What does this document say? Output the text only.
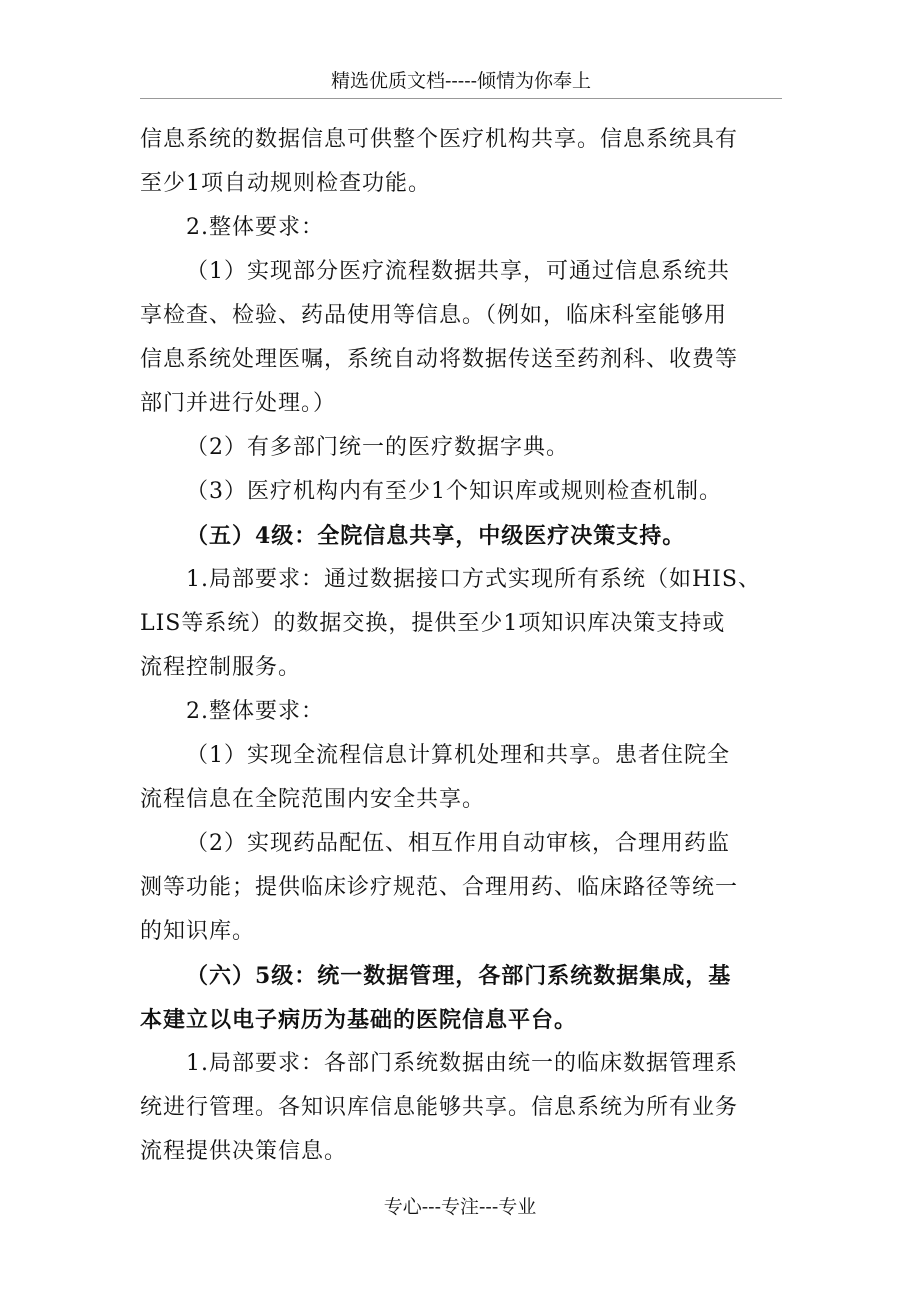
精选优质文档-----倾情为你奉上

信息系统的数据信息可供整个医疗机构共享。信息系统具有

至少1项自动规则检查功能。

2.整体要求：

（1）实现部分医疗流程数据共享，可通过信息系统共

享检查、检验、药品使用等信息。（例如，临床科室能够用

信息系统处理医嘱，系统自动将数据传送至药剂科、收费等

部门并进行处理。）

（2）有多部门统一的医疗数据字典。

（3）医疗机构内有至少1个知识库或规则检查机制。

（五）4级：全院信息共享，中级医疗决策支持。

1.局部要求：通过数据接口方式实现所有系统（如HIS、

LIS等系统）的数据交换，提供至少1项知识库决策支持或

流程控制服务。

2.整体要求：

（1）实现全流程信息计算机处理和共享。患者住院全

流程信息在全院范围内安全共享。

（2）实现药品配伍、相互作用自动审核，合理用药监

测等功能；提供临床诊疗规范、合理用药、临床路径等统一

的知识库。

（六）5级：统一数据管理，各部门系统数据集成，基

本建立以电子病历为基础的医院信息平台。

1.局部要求：各部门系统数据由统一的临床数据管理系

统进行管理。各知识库信息能够共享。信息系统为所有业务

流程提供决策信息。

专心---专注---专业
